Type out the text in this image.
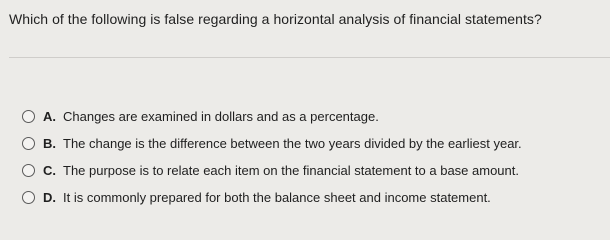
Which of the following is false regarding a horizontal analysis of financial statements?
A. Changes are examined in dollars and as a percentage.
B. The change is the difference between the two years divided by the earliest year.
C. The purpose is to relate each item on the financial statement to a base amount.
D. It is commonly prepared for both the balance sheet and income statement.
